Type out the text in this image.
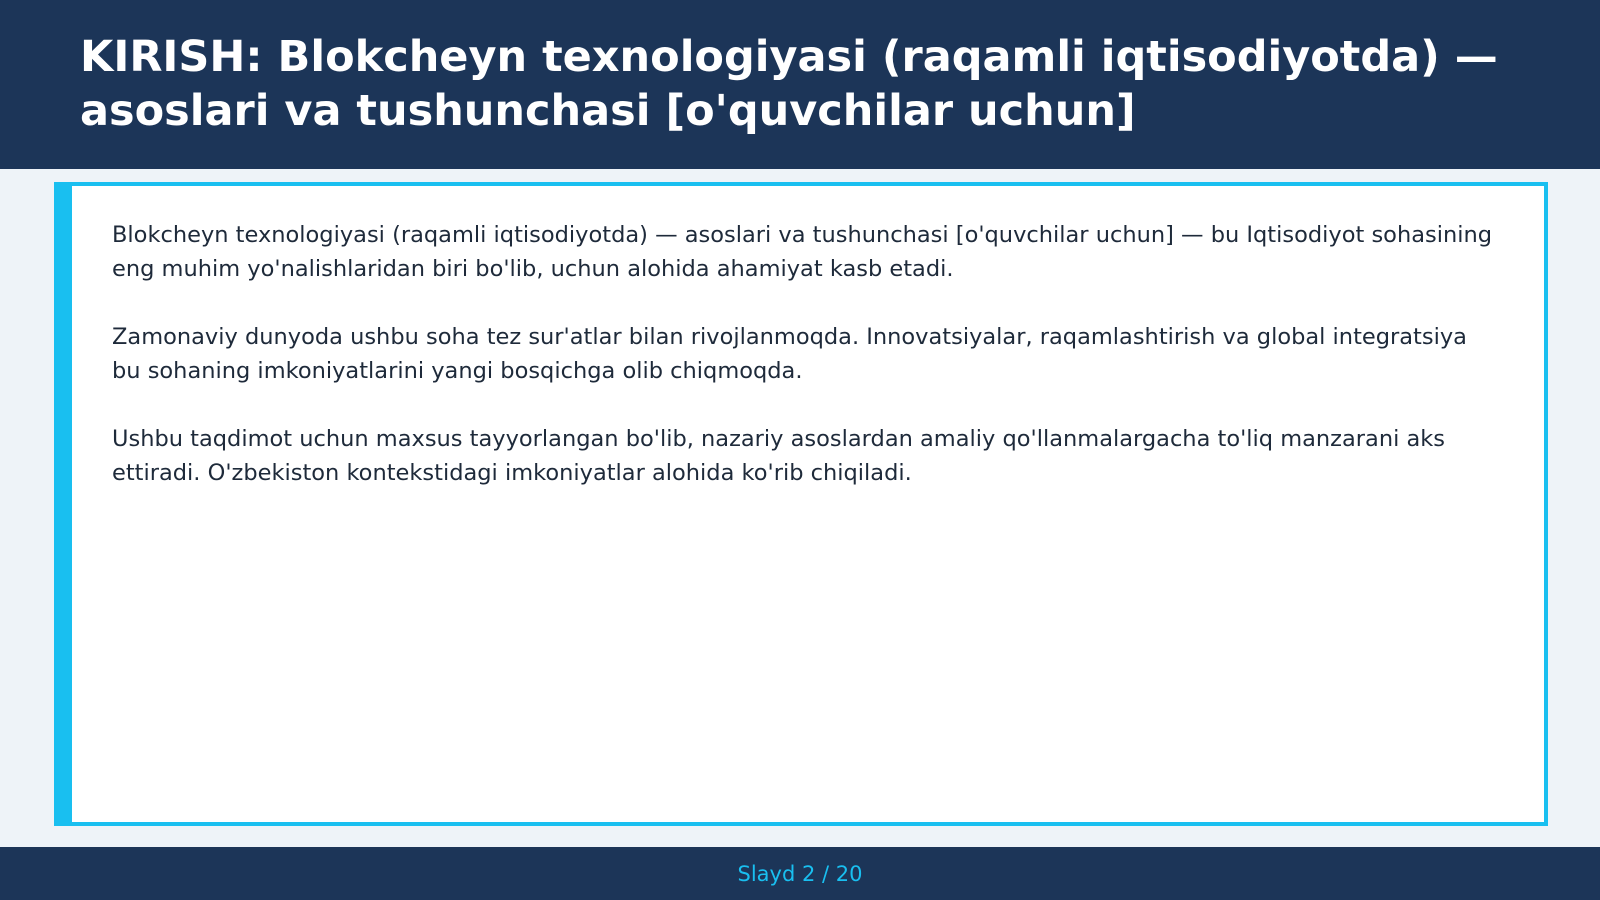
KIRISH: Blokcheyn texnologiyasi (raqamli iqtisodiyotda) — asoslari va tushunchasi [o'quvchilar uchun]

Blokcheyn texnologiyasi (raqamli iqtisodiyotda) — asoslari va tushunchasi [o'quvchilar uchun] — bu Iqtisodiyot sohasining eng muhim yo'nalishlaridan biri bo'lib, uchun alohida ahamiyat kasb etadi.

Zamonaviy dunyoda ushbu soha tez sur'atlar bilan rivojlanmoqda. Innovatsiyalar, raqamlashtirish va global integratsiya bu sohaning imkoniyatlarini yangi bosqichga olib chiqmoqda.

Ushbu taqdimot uchun maxsus tayyorlangan bo'lib, nazariy asoslardan amaliy qo'llanmalargacha to'liq manzarani aks ettiradi. O'zbekiston kontekstidagi imkoniyatlar alohida ko'rib chiqiladi.

Slayd 2 / 20
